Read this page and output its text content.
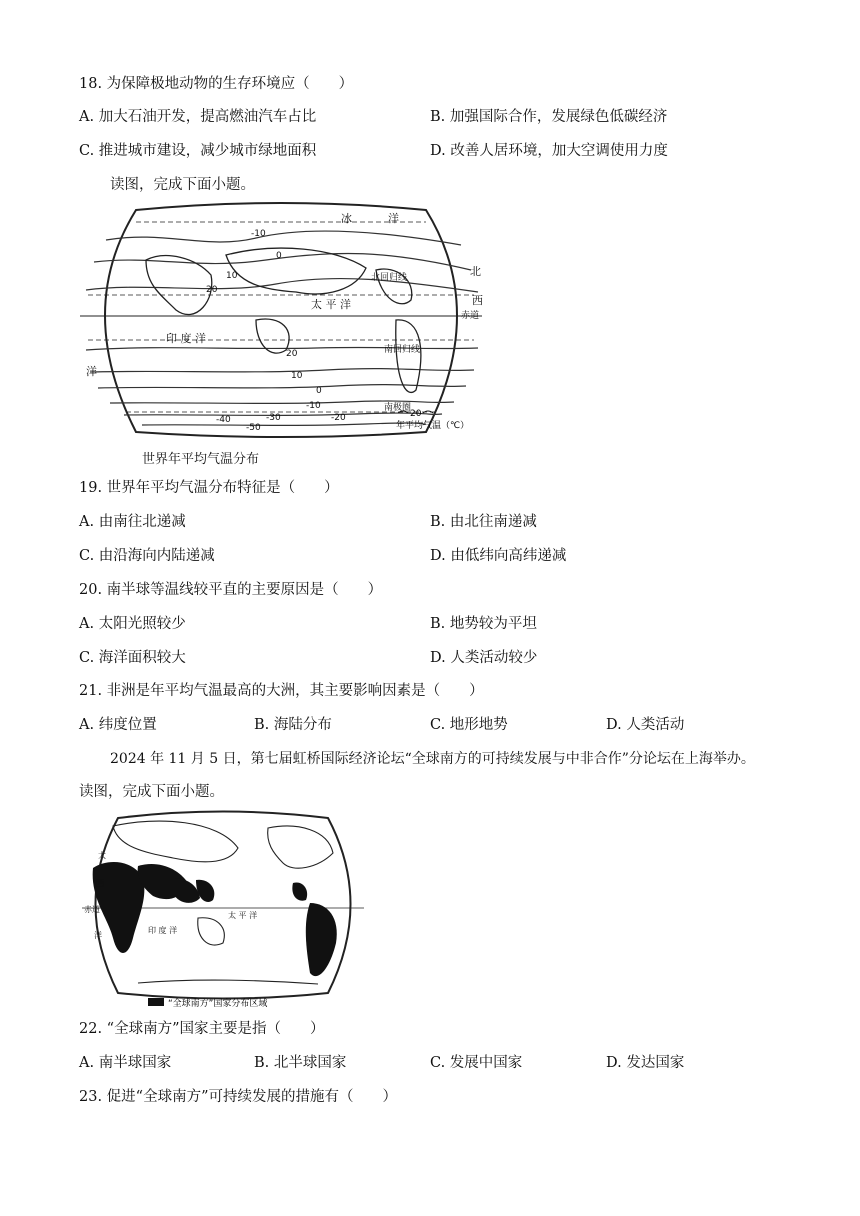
18. 为保障极地动物的生存环境应（　　）
A. 加大石油开发，提高燃油汽车占比	B. 加强国际合作，发展绿色低碳经济
C. 推进城市建设，减少城市绿地面积	D. 改善人居环境，加大空调使用力度
读图，完成下面小题。
冰	洋
北回归线
太 平 洋	西
赤道
印 度 洋
南回归线
洋
南极圈
北
-10
0
10
20
20
10
0
-10
-20
-30
-40
-50
20
年平均气温（℃）
世界年平均气温分布
19. 世界年平均气温分布特征是（　　）
A. 由南往北递减	B. 由北往南递减
C. 由沿海向内陆递减	D. 由低纬向高纬递减
20. 南半球等温线较平直的主要原因是（　　）
A. 太阳光照较少	B. 地势较为平坦
C. 海洋面积较大	D. 人类活动较少
21. 非洲是年平均气温最高的大洲，其主要影响因素是（　　）
A. 纬度位置	B. 海陆分布	C. 地形地势	D. 人类活动
2024 年 11 月 5 日，第七届虹桥国际经济论坛“全球南方的可持续发展与中非合作”分论坛在上海举办。
读图，完成下面小题。
上海
大
赤道
西
洋
太 平 洋
印 度 洋
“全球南方”国家分布区域
22. “全球南方”国家主要是指（　　）
A. 南半球国家	B. 北半球国家	C. 发展中国家	D. 发达国家
23. 促进“全球南方”可持续发展的措施有（　　）
